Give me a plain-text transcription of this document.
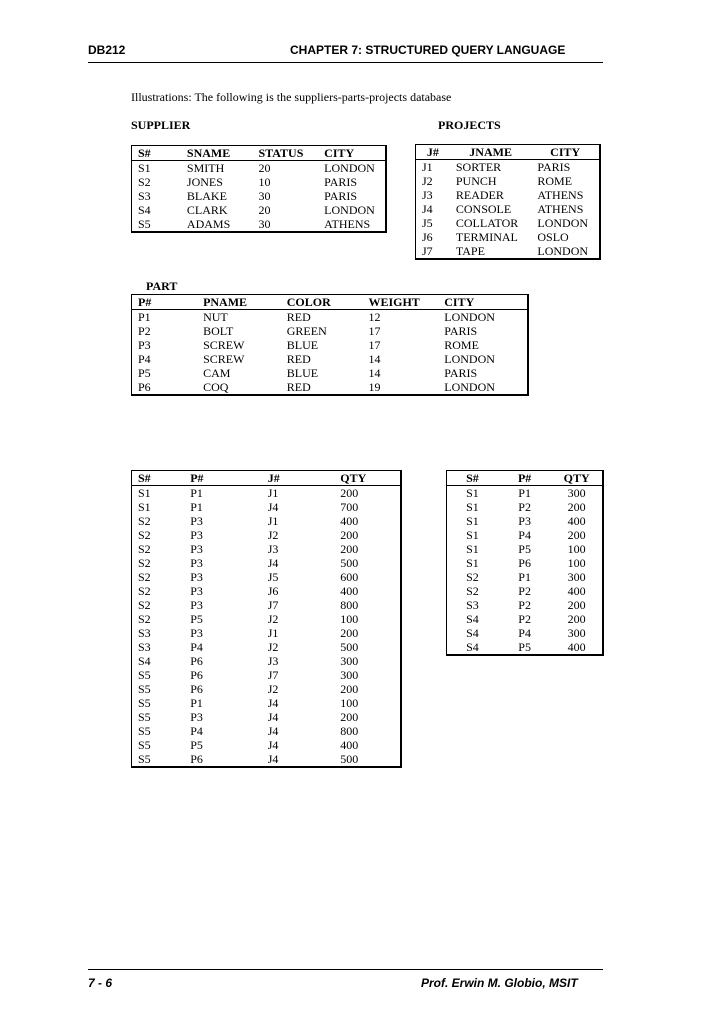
DB212	CHAPTER 7: STRUCTURED QUERY LANGUAGE
Illustrations: The following is the suppliers-parts-projects database
SUPPLIER	PROJECTS
S#	SNAME	STATUS	CITY
S1	SMITH	20	LONDON
S2	JONES	10	PARIS
S3	BLAKE	30	PARIS
S4	CLARK	20	LONDON
S5	ADAMS	30	ATHENS
J#	JNAME	CITY
J1	SORTER	PARIS
J2	PUNCH	ROME
J3	READER	ATHENS
J4	CONSOLE	ATHENS
J5	COLLATOR	LONDON
J6	TERMINAL	OSLO
J7	TAPE	LONDON
PART
P#	PNAME	COLOR	WEIGHT	CITY
P1	NUT	RED	12	LONDON
P2	BOLT	GREEN	17	PARIS
P3	SCREW	BLUE	17	ROME
P4	SCREW	RED	14	LONDON
P5	CAM	BLUE	14	PARIS
P6	COQ	RED	19	LONDON
S#	P#	J#	QTY
S1	P1	J1	200
S1	P1	J4	700
S2	P3	J1	400
S2	P3	J2	200
S2	P3	J3	200
S2	P3	J4	500
S2	P3	J5	600
S2	P3	J6	400
S2	P3	J7	800
S2	P5	J2	100
S3	P3	J1	200
S3	P4	J2	500
S4	P6	J3	300
S5	P6	J7	300
S5	P6	J2	200
S5	P1	J4	100
S5	P3	J4	200
S5	P4	J4	800
S5	P5	J4	400
S5	P6	J4	500
S#	P#	QTY
S1	P1	300
S1	P2	200
S1	P3	400
S1	P4	200
S1	P5	100
S1	P6	100
S2	P1	300
S2	P2	400
S3	P2	200
S4	P2	200
S4	P4	300
S4	P5	400
7 - 6	Prof. Erwin M. Globio, MSIT
